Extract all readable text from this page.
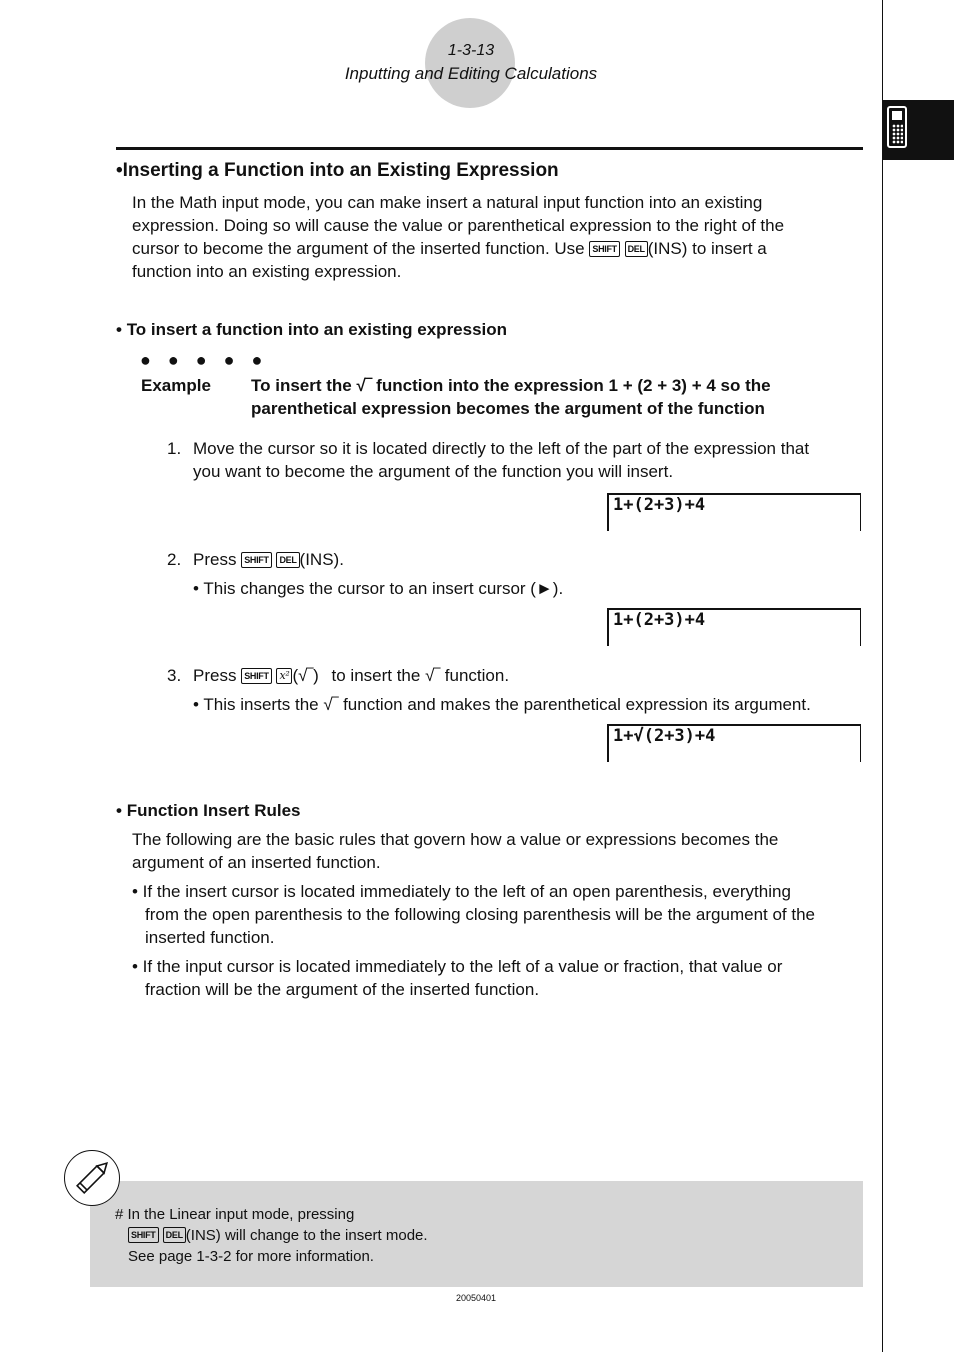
1-3-13
Inputting and Editing Calculations
•Inserting a Function into an Existing Expression
In the Math input mode, you can make insert a natural input function into an existing
expression. Doing so will cause the value or parenthetical expression to the right of the
cursor to become the argument of the inserted function. Use SHIFT DEL (INS) to insert a
function into an existing expression.
• To insert a function into an existing expression
● ● ● ● ●
Example To insert the √‾ function into the expression 1 + (2 + 3) + 4 so the
parenthetical expression becomes the argument of the function
1. Move the cursor so it is located directly to the left of the part of the expression that
you want to become the argument of the function you will insert.
1+(2+3)+4
2. Press SHIFT DEL (INS).
• This changes the cursor to an insert cursor (►).
1+(2+3)+4
3. Press SHIFT x² (√‾) to insert the √‾ function.
• This inserts the √‾ function and makes the parenthetical expression its argument.
1+√(2+3)+4
• Function Insert Rules
The following are the basic rules that govern how a value or expressions becomes the
argument of an inserted function.
• If the insert cursor is located immediately to the left of an open parenthesis, everything
from the open parenthesis to the following closing parenthesis will be the argument of the
inserted function.
• If the input cursor is located immediately to the left of a value or fraction, that value or
fraction will be the argument of the inserted function.
# In the Linear input mode, pressing
SHIFT DEL (INS) will change to the insert mode.
See page 1-3-2 for more information.
20050401
